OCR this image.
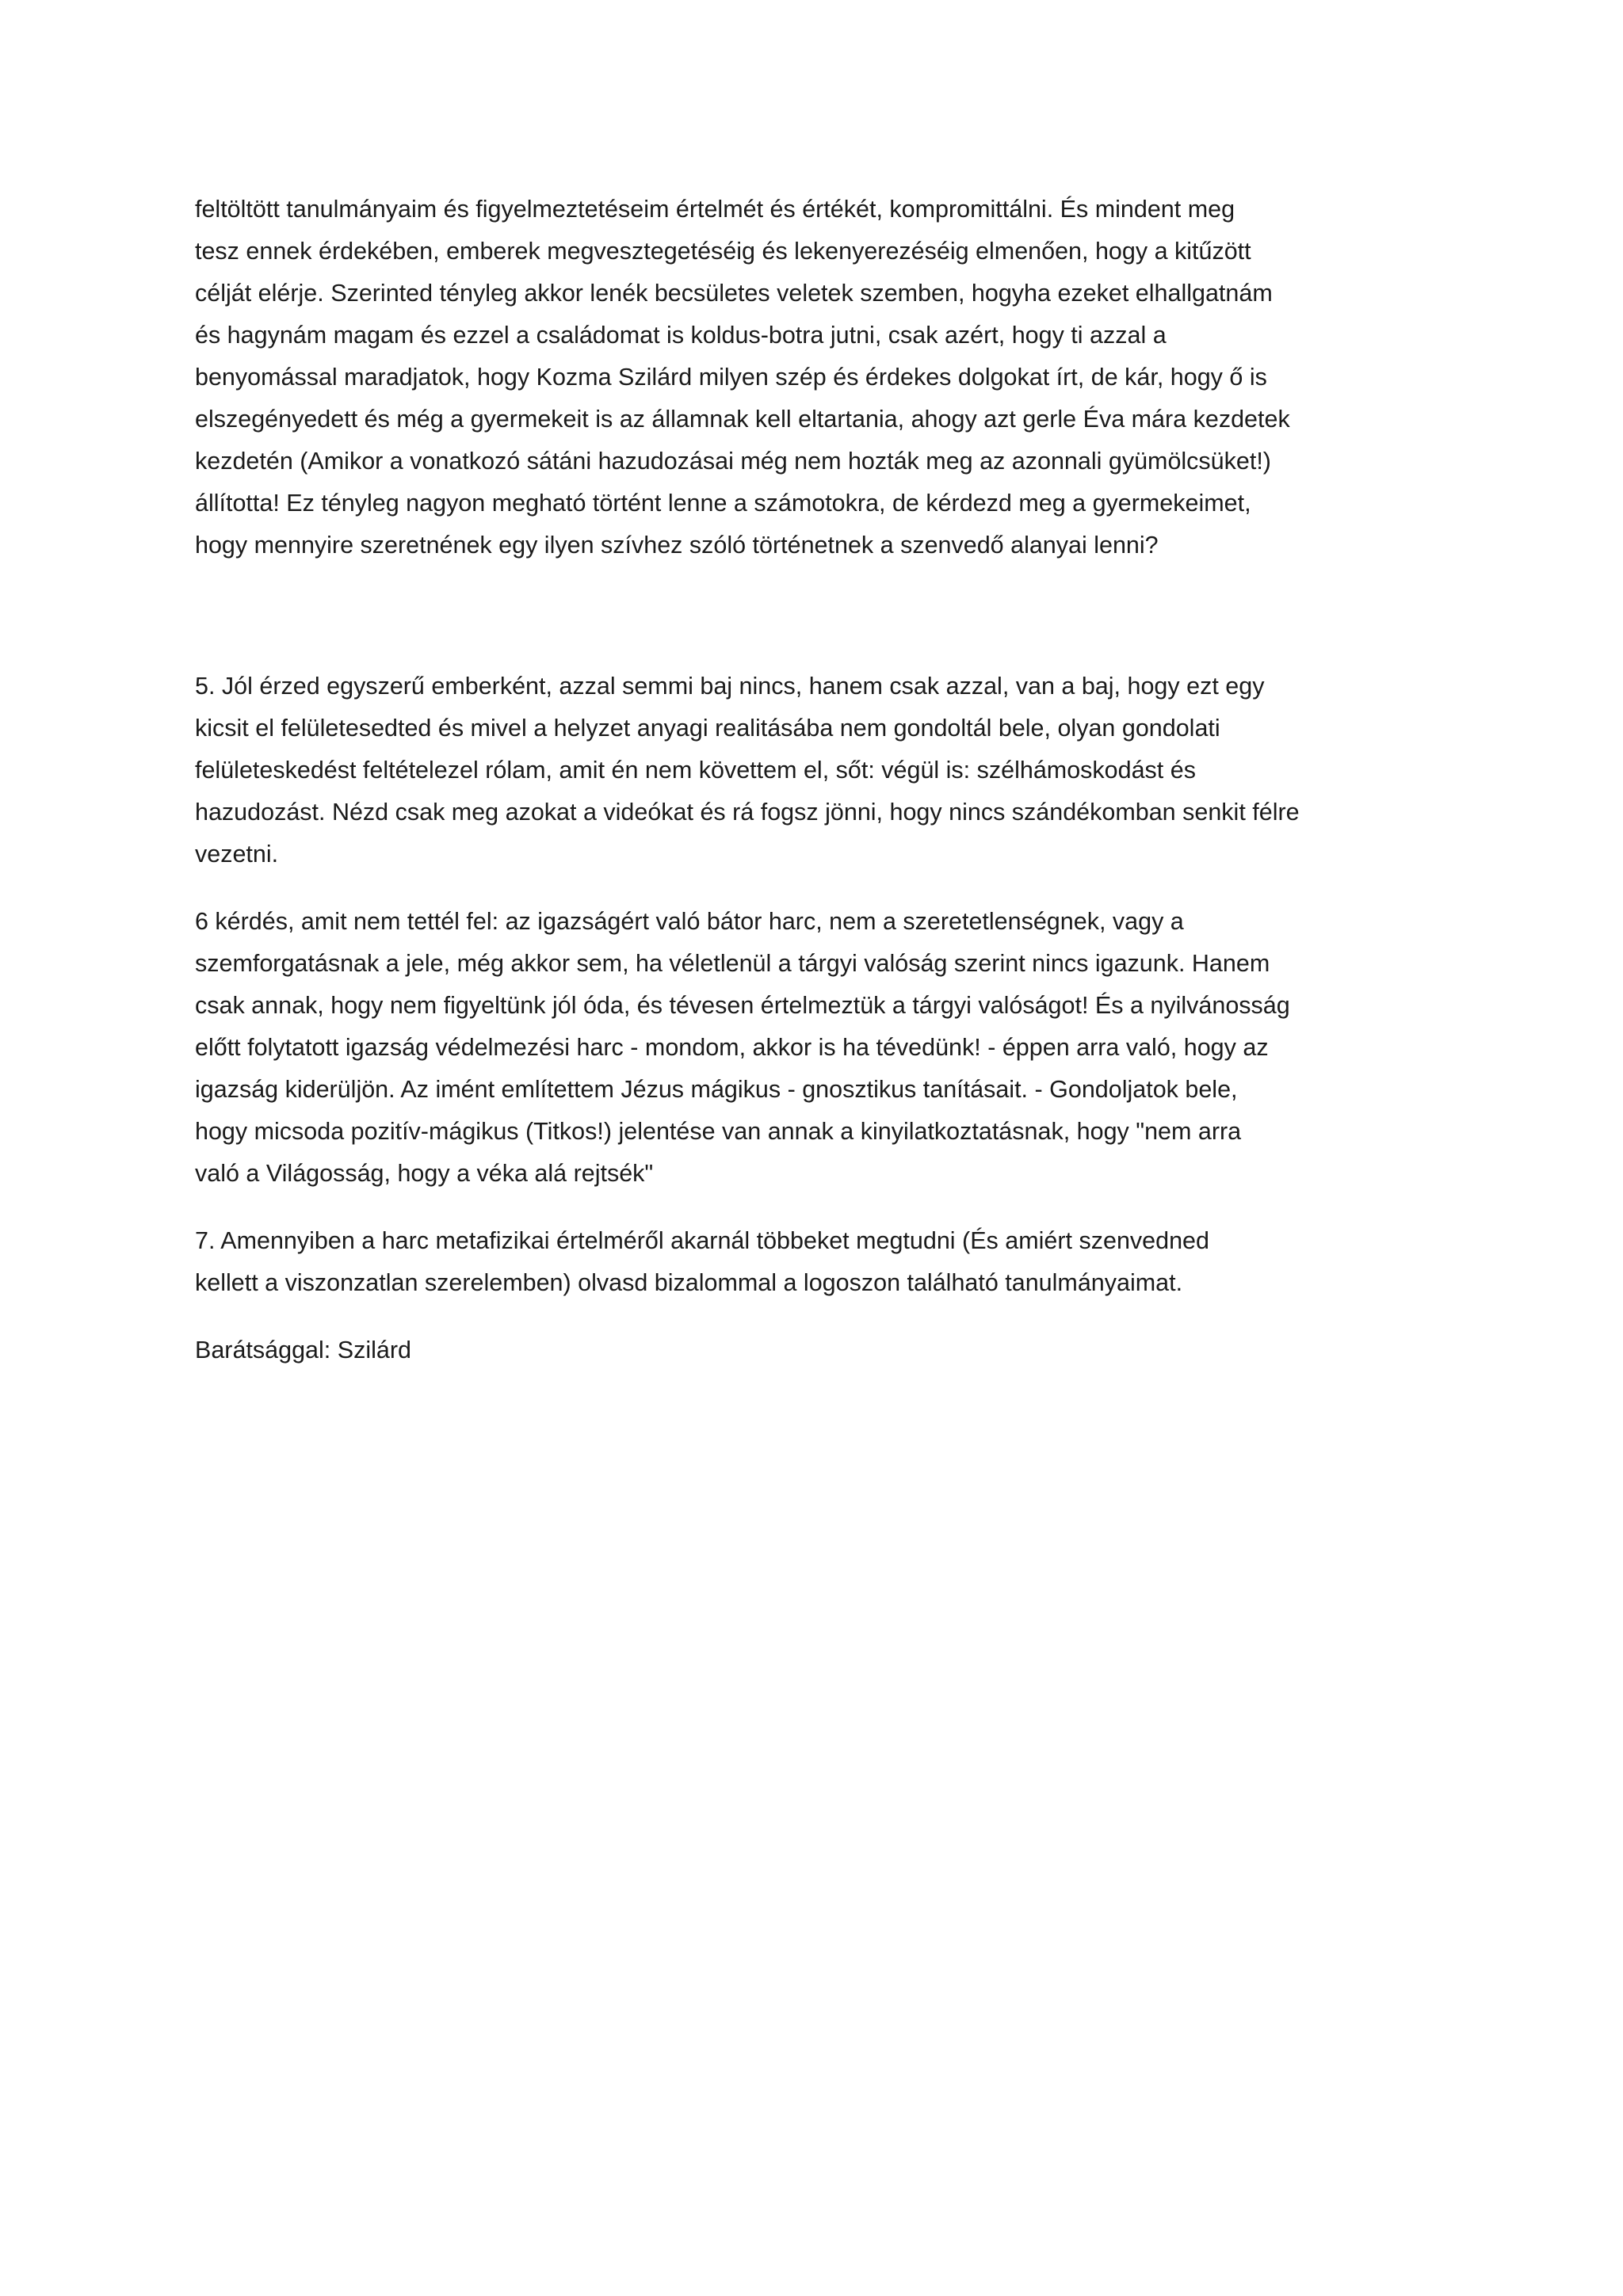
feltöltött tanulmányaim és figyelmeztetéseim értelmét és értékét, kompromittálni. És mindent meg
tesz ennek érdekében, emberek megvesztegetéséig és lekenyerezéséig elmenően, hogy a kitűzött
célját elérje. Szerinted tényleg akkor lenék becsületes veletek szemben, hogyha ezeket elhallgatnám
és hagynám magam és ezzel a családomat is koldus-botra jutni, csak azért, hogy ti azzal a
benyomással maradjatok, hogy Kozma Szilárd milyen szép és érdekes dolgokat írt, de kár, hogy ő is
elszegényedett és még a gyermekeit is az államnak kell eltartania, ahogy azt gerle Éva mára kezdetek
kezdetén (Amikor a vonatkozó sátáni hazudozásai még nem hozták meg az azonnali gyümölcsüket!)
állította! Ez tényleg nagyon megható történt lenne a számotokra, de kérdezd meg a gyermekeimet,
hogy mennyire szeretnének egy ilyen szívhez szóló történetnek a szenvedő alanyai lenni?

5. Jól érzed egyszerű emberként, azzal semmi baj nincs, hanem csak azzal, van a baj, hogy ezt egy
kicsit el felületesedted és mivel a helyzet anyagi realitásába nem gondoltál bele, olyan gondolati
felületeskedést feltételezel rólam, amit én nem követtem el, sőt: végül is: szélhámoskodást és
hazudozást. Nézd csak meg azokat a videókat és rá fogsz jönni, hogy nincs szándékomban senkit félre
vezetni.

6 kérdés, amit nem tettél fel: az igazságért való bátor harc, nem a szeretetlenségnek, vagy a
szemforgatásnak a jele, még akkor sem, ha véletlenül a tárgyi valóság szerint nincs igazunk. Hanem
csak annak, hogy nem figyeltünk jól óda, és tévesen értelmeztük a tárgyi valóságot! És a nyilvánosság
előtt folytatott igazság védelmezési harc - mondom, akkor is ha tévedünk! - éppen arra való, hogy az
igazság kiderüljön. Az imént említettem Jézus mágikus - gnosztikus tanításait. - Gondoljatok bele,
hogy micsoda pozitív-mágikus (Titkos!) jelentése van annak a kinyilatkoztatásnak, hogy "nem arra
való a Világosság, hogy a véka alá rejtsék"

7. Amennyiben a harc metafizikai értelméről akarnál többeket megtudni (És amiért szenvedned
kellett a viszonzatlan szerelemben) olvasd bizalommal a logoszon található tanulmányaimat.

Barátsággal: Szilárd
